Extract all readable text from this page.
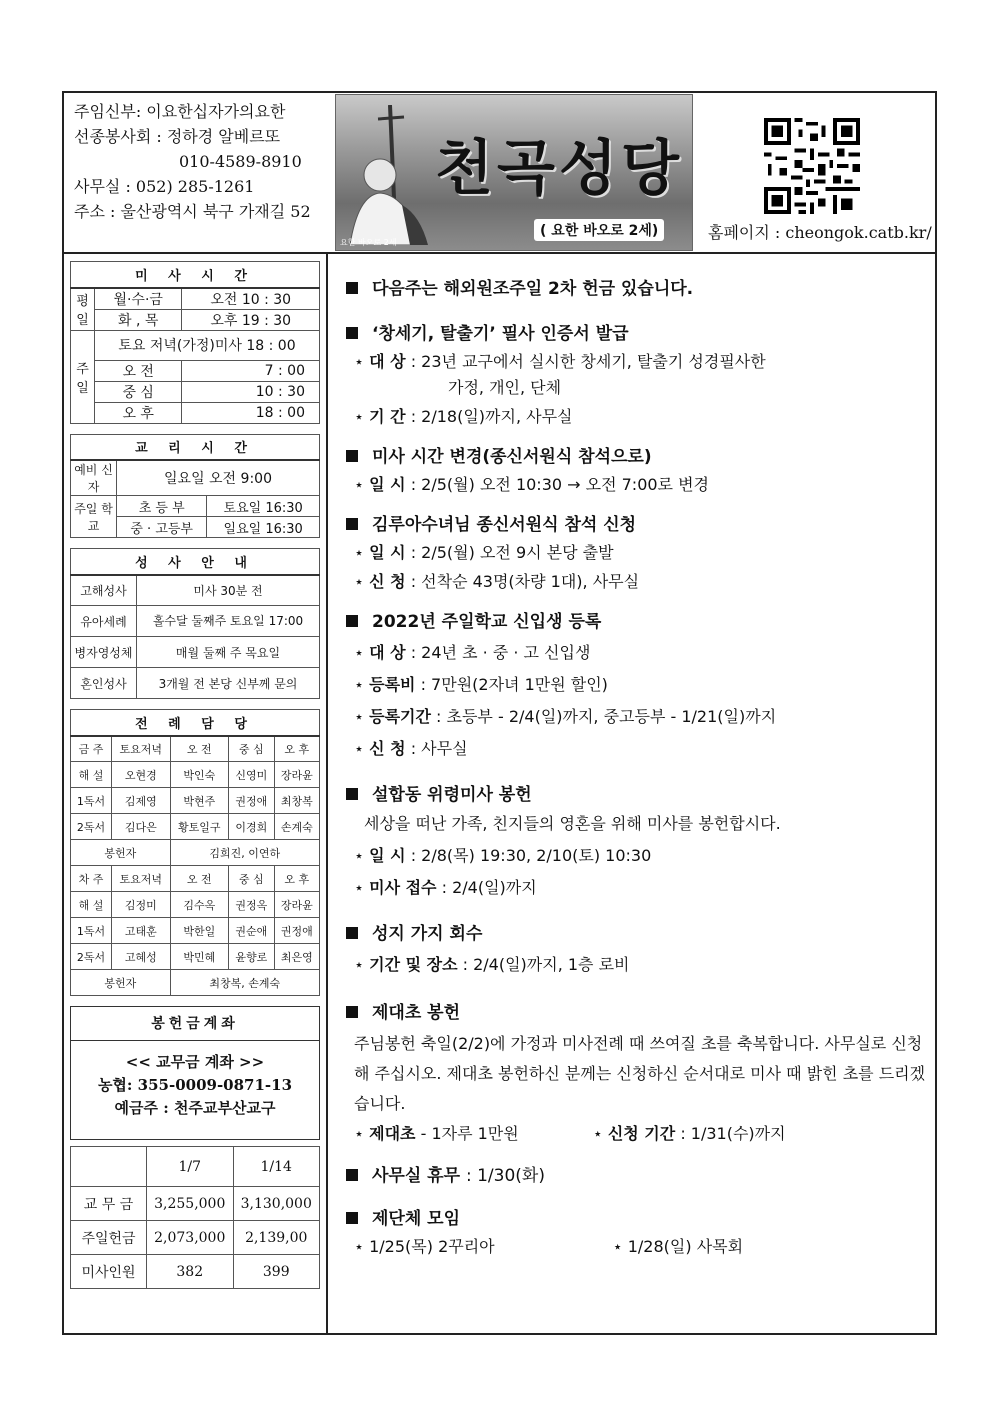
주임신부: 이요한십자가의요한
선종봉사회 : 정하경 알베르또
010-4589-8910
사무실 : 052) 285-1261
주소 : 울산광역시 북구 가재길 52
천곡성당
( 요한 바오로 2세)
요한 바오로 2세
홈페이지 : cheongok.catb.kr/
미 사 시 간		
평일	월·수·금	오전 10 : 30
	화 , 목	오후 19 : 30
주일	토요 저녁(가정)미사 18 : 00	
	오 전	7 : 00
	중 심	10 : 30
	오 후	18 : 00
교 리 시 간		
예비 신자	일요일 오전 9:00	
주일 학교	초 등 부	토요일 16:30
	중 · 고등부	일요일 16:30
성 사 안 내	
고해성사	미사 30분 전
유아세례	홀수달 둘째주 토요일 17:00
병자영성체	매월 둘째 주 목요일
혼인성사	3개월 전 본당 신부께 문의
전 례 담 당				
금 주	토요저녁	오 전	중 심	오 후
해 설	오현경	박인숙	신영미	장라윤
1독서	김제영	박현주	권정애	최창복
2독서	김다은	황토일구	이경희	손계숙
봉헌자		김희진, 이연하		
차 주	토요저녁	오 전	중 심	오 후
해 설	김정미	김수옥	권정옥	장라윤
1독서	고태훈	박한일	권순애	권정애
2독서	고혜성	박민혜	윤향로	최은영
봉헌자		최창복, 손계숙		
봉헌금계좌
<< 교무금 계좌 >>
농협: 355-0009-0871-13
예금주 : 천주교부산교구
	1/7	1/14
교 무 금	3,255,000	3,130,000
주일헌금	2,073,000	2,139,00
미사인원	382	399
다음주는 해외원조주일 2차 헌금 있습니다.
‘창세기, 탈출기’ 필사 인증서 발급
⋆ 대 상 : 23년 교구에서 실시한 창세기, 탈출기 성경필사한
가정, 개인, 단체
⋆ 기 간 : 2/18(일)까지, 사무실
미사 시간 변경(종신서원식 참석으로)
⋆ 일 시 : 2/5(월) 오전 10:30 → 오전 7:00로 변경
김루아수녀님 종신서원식 참석 신청
⋆ 일 시 : 2/5(월) 오전 9시 본당 출발
⋆ 신 청 : 선착순 43명(차량 1대), 사무실
2022년 주일학교 신입생 등록
⋆ 대 상 : 24년 초 · 중 · 고 신입생
⋆ 등록비 : 7만원(2자녀 1만원 할인)
⋆ 등록기간 : 초등부 - 2/4(일)까지, 중고등부 - 1/21(일)까지
⋆ 신 청 : 사무실
설합동 위령미사 봉헌
세상을 떠난 가족, 친지들의 영혼을 위해 미사를 봉헌합시다.
⋆ 일 시 : 2/8(목) 19:30, 2/10(토) 10:30
⋆ 미사 접수 : 2/4(일)까지
성지 가지 회수
⋆ 기간 및 장소 : 2/4(일)까지, 1층 로비
제대초 봉헌
주님봉헌 축일(2/2)에 가정과 미사전례 때 쓰여질 초를 축복합니다. 사무실로 신청해 주십시오. 제대초 봉헌하신 분께는 신청하신 순서대로 미사 때 밝힌 초를 드리겠습니다.
⋆ 제대초 - 1자루 1만원	⋆ 신청 기간 : 1/31(수)까지
사무실 휴무 : 1/30(화)
제단체 모임
⋆ 1/25(목) 2꾸리아	⋆ 1/28(일) 사목회
